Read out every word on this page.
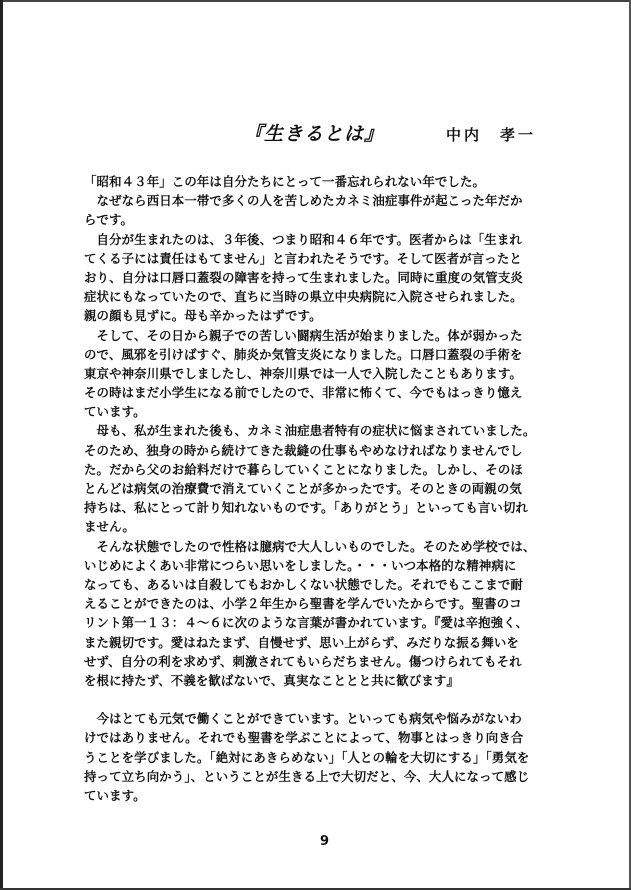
『生きるとは』	中内　孝一
「昭和４３年」この年は自分たちにとって一番忘れられない年でした。
　なぜなら西日本一帯で多くの人を苦しめたカネミ油症事件が起こった年だか
らです。
　自分が生まれたのは、３年後、つまり昭和４６年です。医者からは「生まれ
てくる子には責任はもてません」と言われたそうです。そして医者が言ったと
おり、自分は口唇口蓋裂の障害を持って生まれました。同時に重度の気管支炎
症状にもなっていたので、直ちに当時の県立中央病院に入院させられました。
親の顔も見ずに。母も辛かったはずです。
　そして、その日から親子での苦しい闘病生活が始まりました。体が弱かった
ので、風邪を引けばすぐ、肺炎か気管支炎になりました。口唇口蓋裂の手術を
東京や神奈川県でしましたし、神奈川県では一人で入院したこともあります。
その時はまだ小学生になる前でしたので、非常に怖くて、今でもはっきり憶え
ています。
　母も、私が生まれた後も、カネミ油症患者特有の症状に悩まされていました。
そのため、独身の時から続けてきた裁縫の仕事もやめなければなりませんでし
た。だから父のお給料だけで暮らしていくことになりました。しかし、そのほ
とんどは病気の治療費で消えていくことが多かったです。そのときの両親の気
持ちは、私にとって計り知れないものです。「ありがとう」といっても言い切れ
ません。
　そんな状態でしたので性格は臆病で大人しいものでした。そのため学校では、
いじめによくあい非常につらい思いをしました。・・・いつ本格的な精神病に
なっても、あるいは自殺してもおかしくない状態でした。それでもここまで耐
えることができたのは、小学２年生から聖書を学んでいたからです。聖書のコ
リント第一１３：４～６に次のような言葉が書かれています。『愛は辛抱強く、
また親切です。愛はねたまず、自慢せず、思い上がらず、みだりな振る舞いを
せず、自分の利を求めず、刺激されてもいらだちません。傷つけられてもそれ
を根に持たず、不義を歓ばないで、真実なこととと共に歓びます』
　今はとても元気で働くことができています。といっても病気や悩みがないわ
けではありません。それでも聖書を学ぶことによって、物事とはっきり向き合
うことを学びました。「絶対にあきらめない」「人との輪を大切にする」「勇気を
持って立ち向かう」、ということが生きる上で大切だと、今、大人になって感じ
ています。
9
